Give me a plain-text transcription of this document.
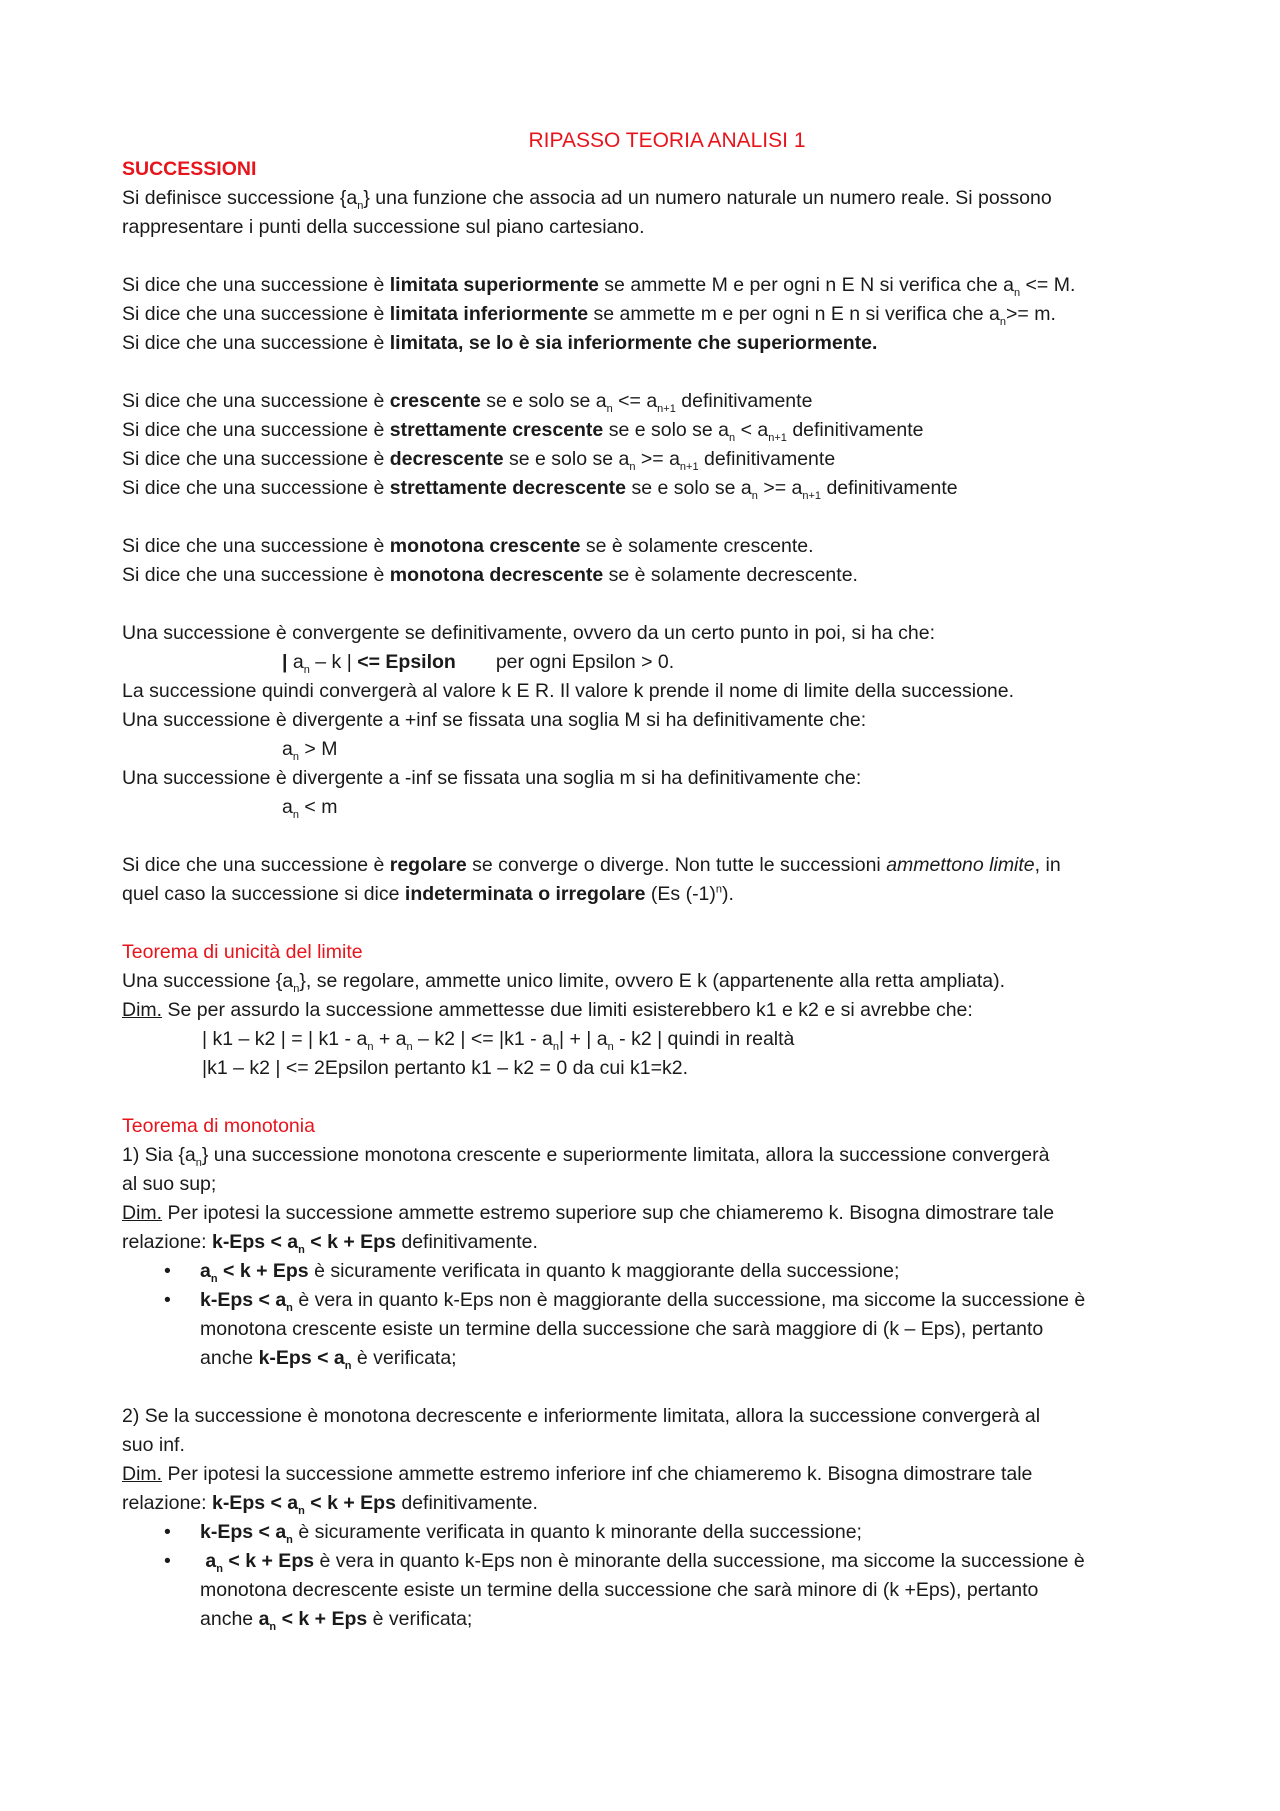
RIPASSO TEORIA ANALISI 1
SUCCESSIONI
Si definisce successione $\{a_n\}$ una funzione che associa ad un numero naturale un numero reale. Si possono
rappresentare i punti della successione sul piano cartesiano.
Si dice che una successione è limitata superiormente se ammette M e per ogni n E N si verifica che $a_n <= M$.
Si dice che una successione è limitata inferiormente se ammette m e per ogni n E n si verifica che $a_n>= m$.
Si dice che una successione è limitata, se lo è sia inferiormente che superiormente.
Si dice che una successione è crescente se e solo se $a_n <= a_{n+1}$ definitivamente
Si dice che una successione è strettamente crescente se e solo se $a_n < a_{n+1}$ definitivamente
Si dice che una successione è decrescente se e solo se $a_n >= a_{n+1}$ definitivamente
Si dice che una successione è strettamente decrescente se e solo se $a_n >= a_{n+1}$ definitivamente
Si dice che una successione è monotona crescente se è solamente crescente.
Si dice che una successione è monotona decrescente se è solamente decrescente.
Una successione è convergente se definitivamente, ovvero da un certo punto in poi, si ha che:
| $a_n$ – k | <= Epsilon per ogni Epsilon > 0.
La successione quindi convergerà al valore k E R. Il valore k prende il nome di limite della successione.
Una successione è divergente a +inf se fissata una soglia M si ha definitivamente che:
$a_n > M$
Una successione è divergente a -inf se fissata una soglia m si ha definitivamente che:
$a_n < m$
Si dice che una successione è regolare se converge o diverge. Non tutte le successioni ammettono limite, in
quel caso la successione si dice indeterminata o irregolare (Es $(-1)^n$).
Teorema di unicità del limite
Una successione $\{a_n\}$, se regolare, ammette unico limite, ovvero E k (appartenente alla retta ampliata).
Dim. Se per assurdo la successione ammettesse due limiti esisterebbero k1 e k2 e si avrebbe che:
| k1 – k2 | = | $k1 - a_n + a_n - k2$ | <= $|k1 - a_n|$ + | $a_n - k2$ | quindi in realtà
|k1 – k2 | <= 2Epsilon pertanto k1 – k2 = 0 da cui k1=k2.
Teorema di monotonia
1) Sia $\{a_n\}$ una successione monotona crescente e superiormente limitata, allora la successione convergerà
al suo sup;
Dim. Per ipotesi la successione ammette estremo superiore sup che chiameremo k. Bisogna dimostrare tale
relazione: $k-Eps < a_n < k$ + Eps definitivamente.
• $a_n < k$ + Eps è sicuramente verificata in quanto k maggiorante della successione;
• $k-Eps < a_n$ è vera in quanto k-Eps non è maggiorante della successione, ma siccome la successione è
monotona crescente esiste un termine della successione che sarà maggiore di (k – Eps), pertanto
anche $k-Eps < a_n$ è verificata;
2) Se la successione è monotona decrescente e inferiormente limitata, allora la successione convergerà al
suo inf.
Dim. Per ipotesi la successione ammette estremo inferiore inf che chiameremo k. Bisogna dimostrare tale
relazione: $k-Eps < a_n < k$ + Eps definitivamente.
• $k-Eps < a_n$ è sicuramente verificata in quanto k minorante della successione;
• $a_n < k$ + Eps è vera in quanto k-Eps non è minorante della successione, ma siccome la successione è
monotona decrescente esiste un termine della successione che sarà minore di (k +Eps), pertanto
anche $a_n < k$ + Eps è verificata;
